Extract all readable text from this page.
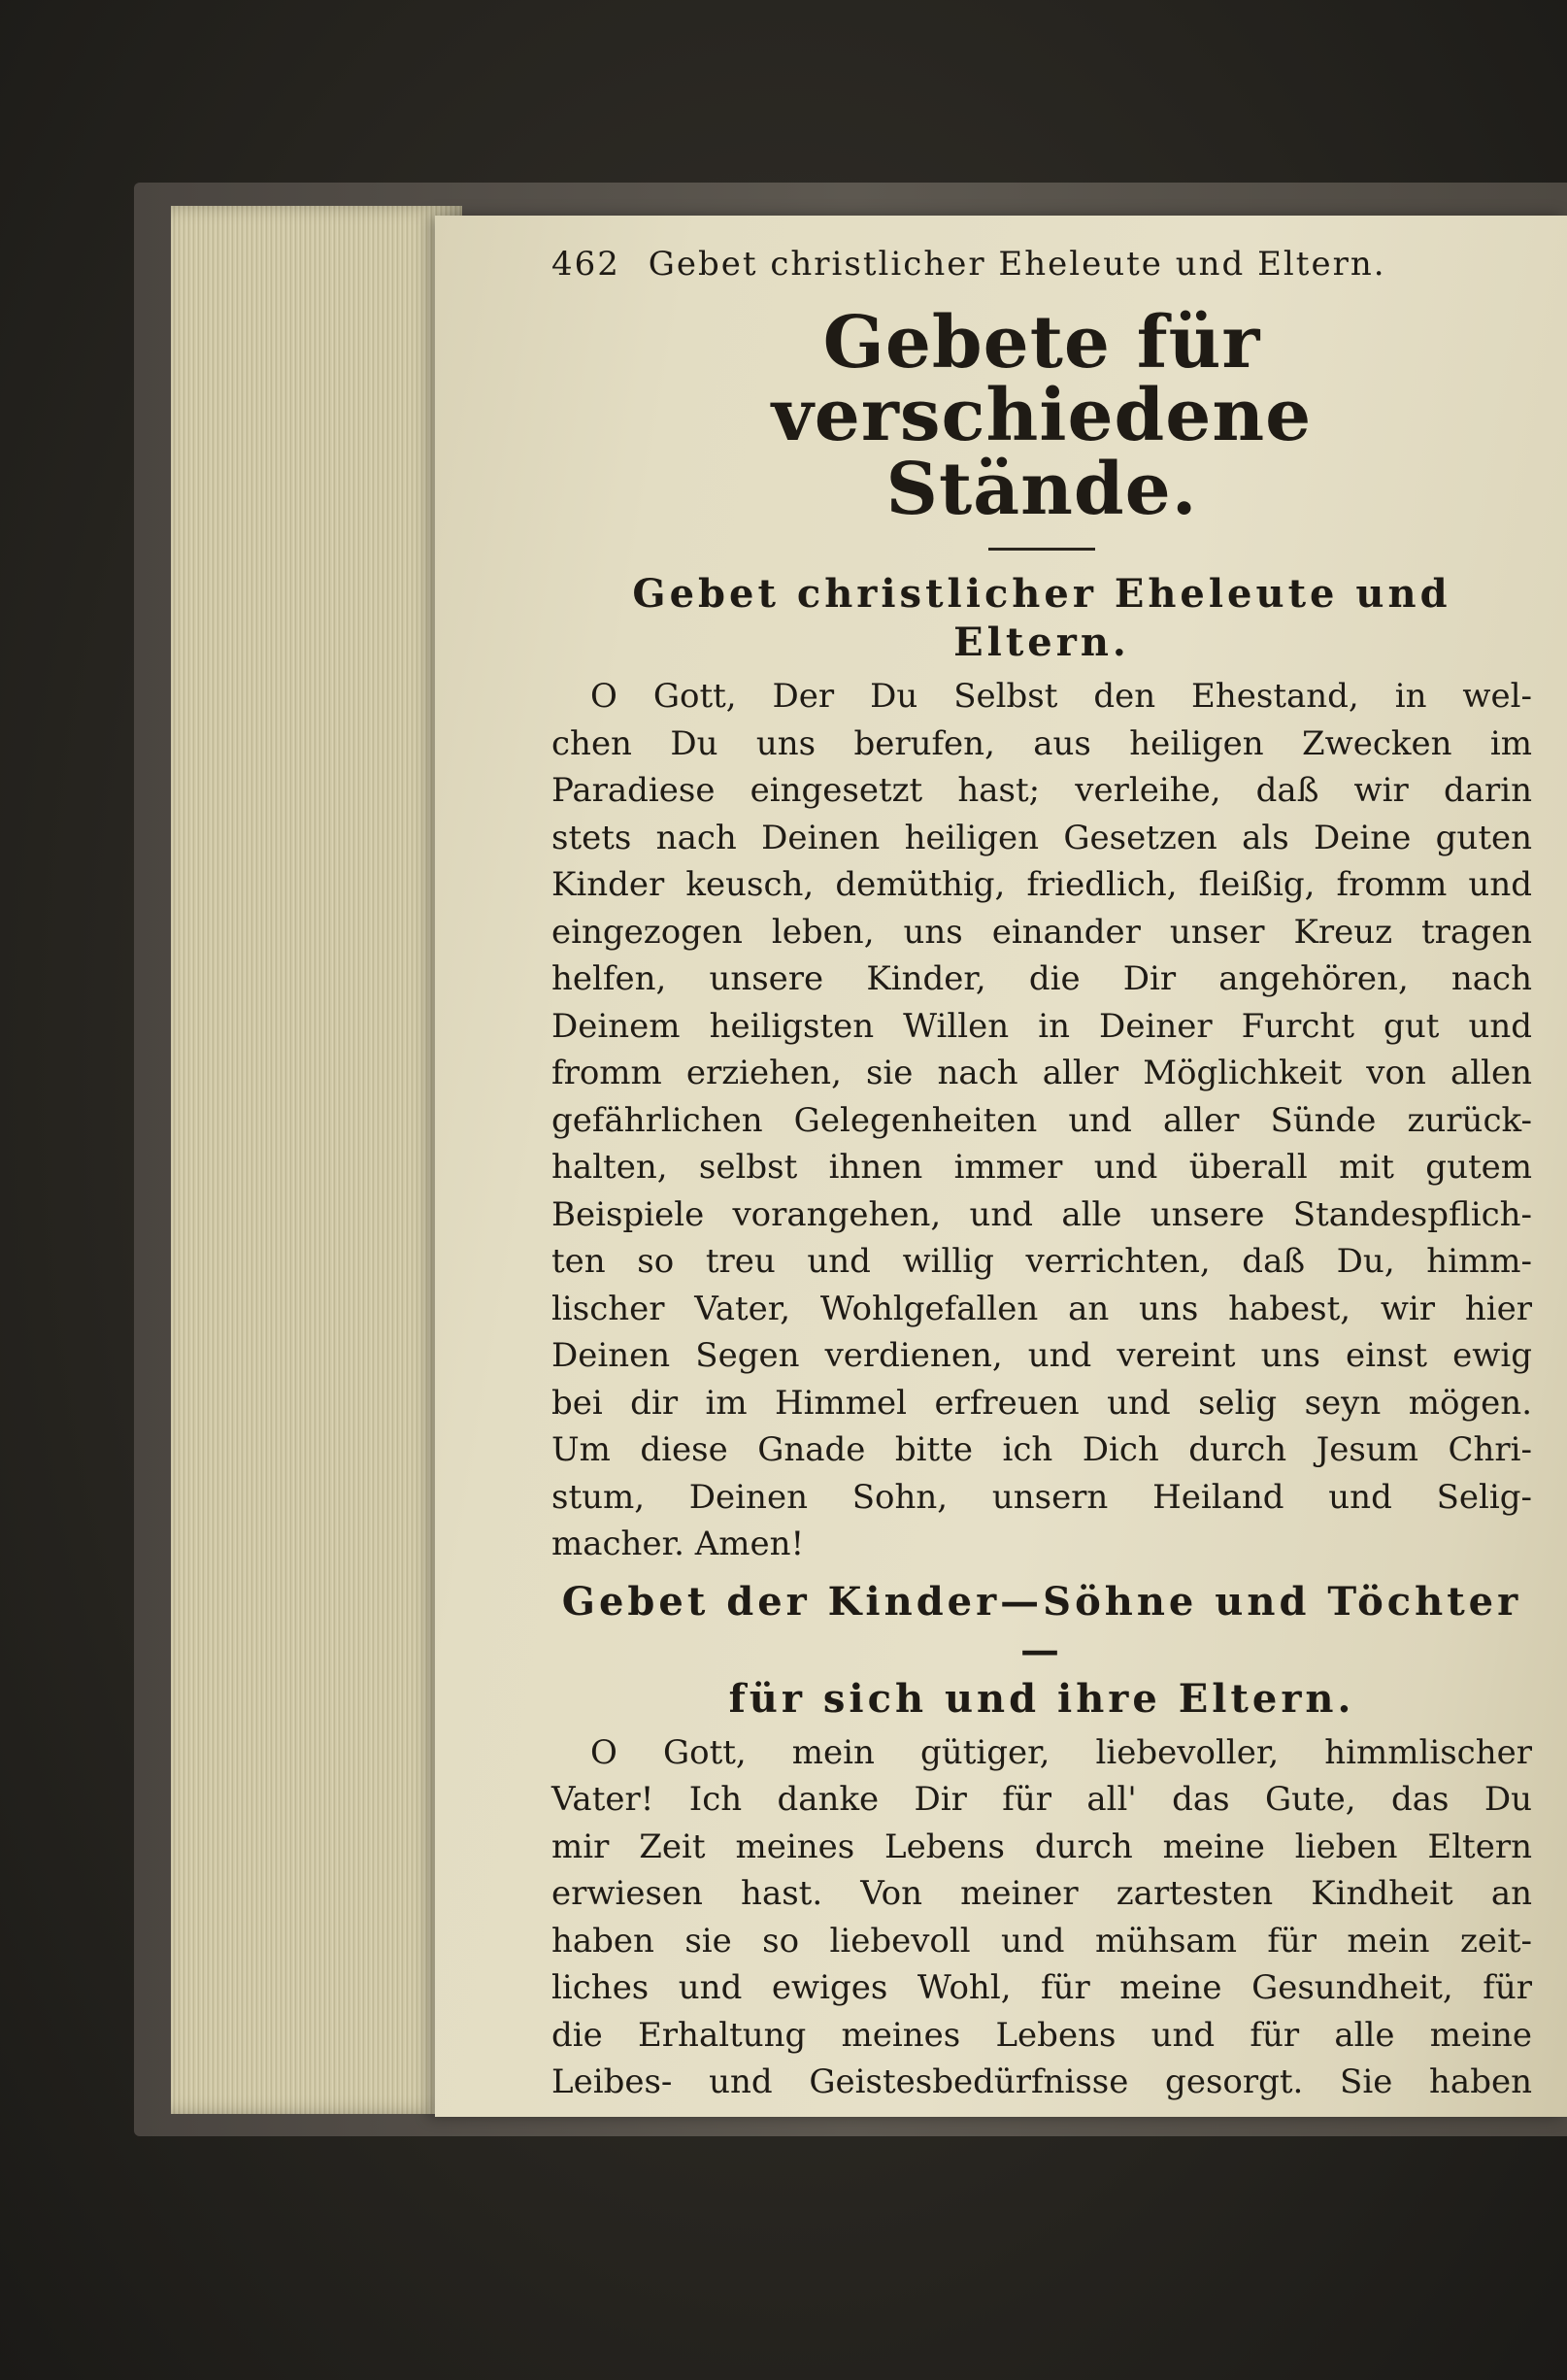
462 Gebet christlicher Eheleute und Eltern.
Gebete für verschiedene
Stände.
Gebet christlicher Eheleute und Eltern.
O Gott, Der Du Selbst den Ehestand, in wel-
chen Du uns berufen, aus heiligen Zwecken im
Paradiese eingesetzt hast; verleihe, daß wir darin
stets nach Deinen heiligen Gesetzen als Deine guten
Kinder keusch, demüthig, friedlich, fleißig, fromm und
eingezogen leben, uns einander unser Kreuz tragen
helfen, unsere Kinder, die Dir angehören, nach
Deinem heiligsten Willen in Deiner Furcht gut und
fromm erziehen, sie nach aller Möglichkeit von allen
gefährlichen Gelegenheiten und aller Sünde zurück-
halten, selbst ihnen immer und überall mit gutem
Beispiele vorangehen, und alle unsere Standespflich-
ten so treu und willig verrichten, daß Du, himm-
lischer Vater, Wohlgefallen an uns habest, wir hier
Deinen Segen verdienen, und vereint uns einst ewig
bei dir im Himmel erfreuen und selig seyn mögen.
Um diese Gnade bitte ich Dich durch Jesum Chri-
stum, Deinen Sohn, unsern Heiland und Selig-
macher. Amen!
Gebet der Kinder—Söhne und Töchter—
für sich und ihre Eltern.
O Gott, mein gütiger, liebevoller, himmlischer
Vater! Ich danke Dir für all' das Gute, das Du
mir Zeit meines Lebens durch meine lieben Eltern
erwiesen hast. Von meiner zartesten Kindheit an
haben sie so liebevoll und mühsam für mein zeit-
liches und ewiges Wohl, für meine Gesundheit, für
die Erhaltung meines Lebens und für alle meine
Leibes- und Geistesbedürfnisse gesorgt. Sie haben
